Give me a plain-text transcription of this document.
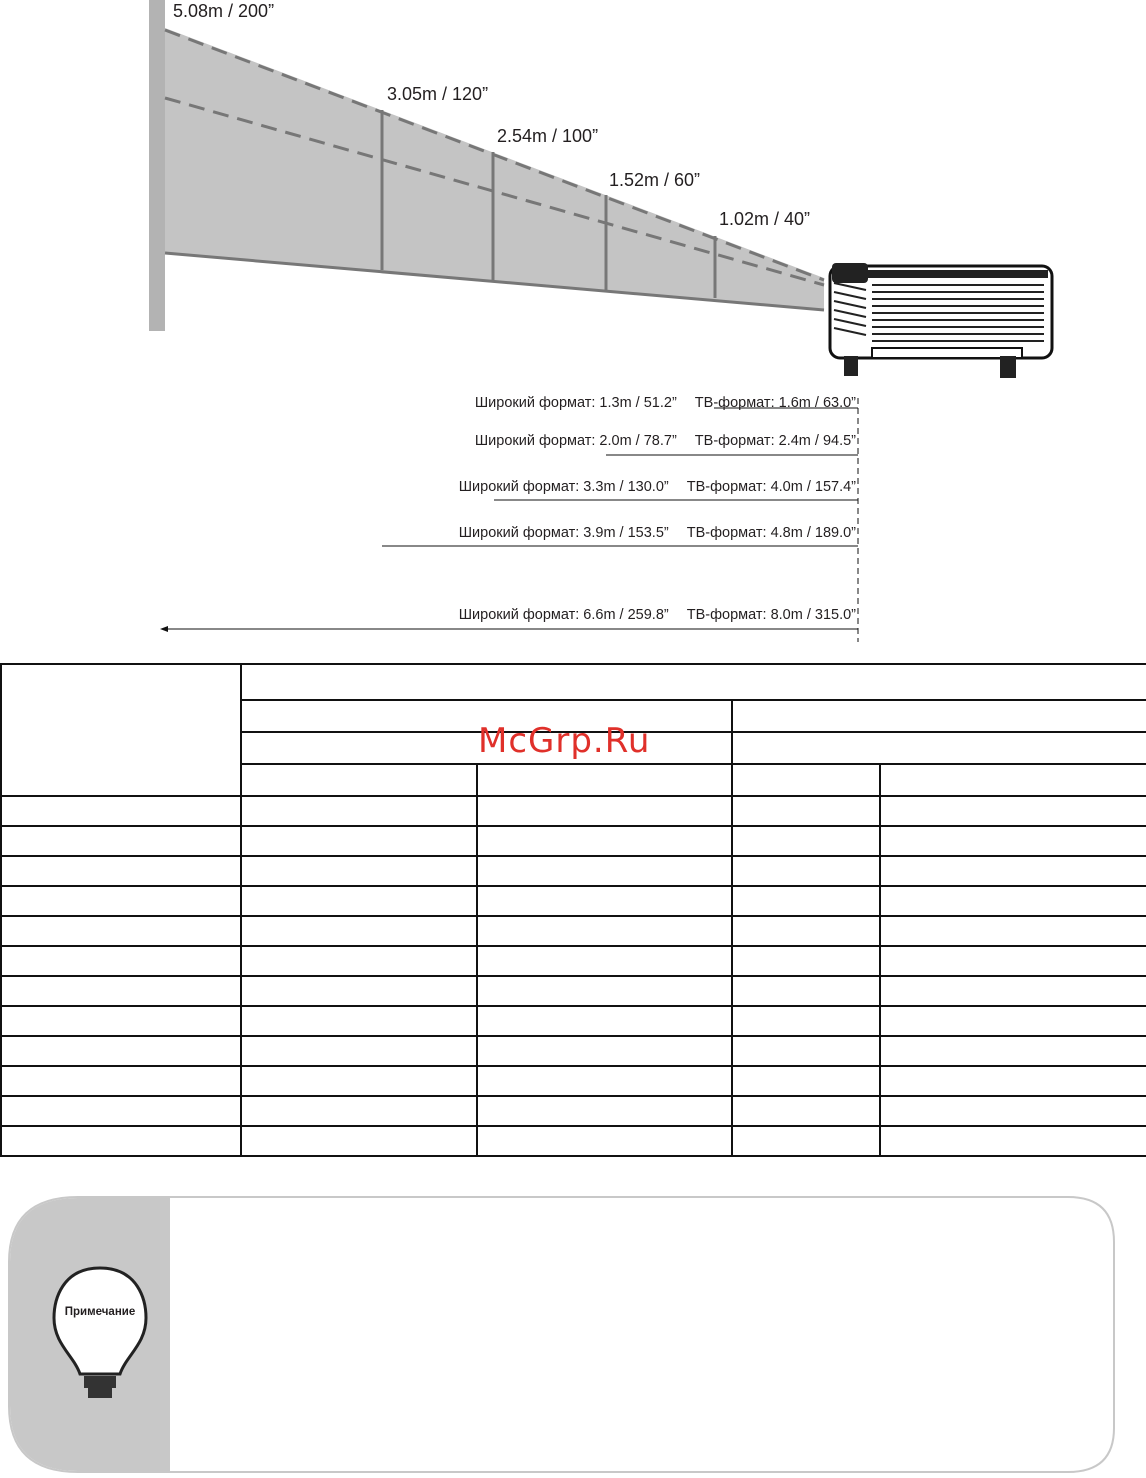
5.08m / 200”
3.05m / 120”
2.54m / 100”
1.52m / 60”
1.02m / 40”
Широкий формат: 1.3m / 51.2” ТВ-формат: 1.6m / 63.0”
Широкий формат: 2.0m / 78.7” ТВ-формат: 2.4m / 94.5”
Широкий формат: 3.3m / 130.0” ТВ-формат: 4.0m / 157.4”
Широкий формат: 3.9m / 153.5” ТВ-формат: 4.8m / 189.0”
Широкий формат: 6.6m / 259.8” ТВ-формат: 8.0m / 315.0”

McGrp.Ru
Примечание
